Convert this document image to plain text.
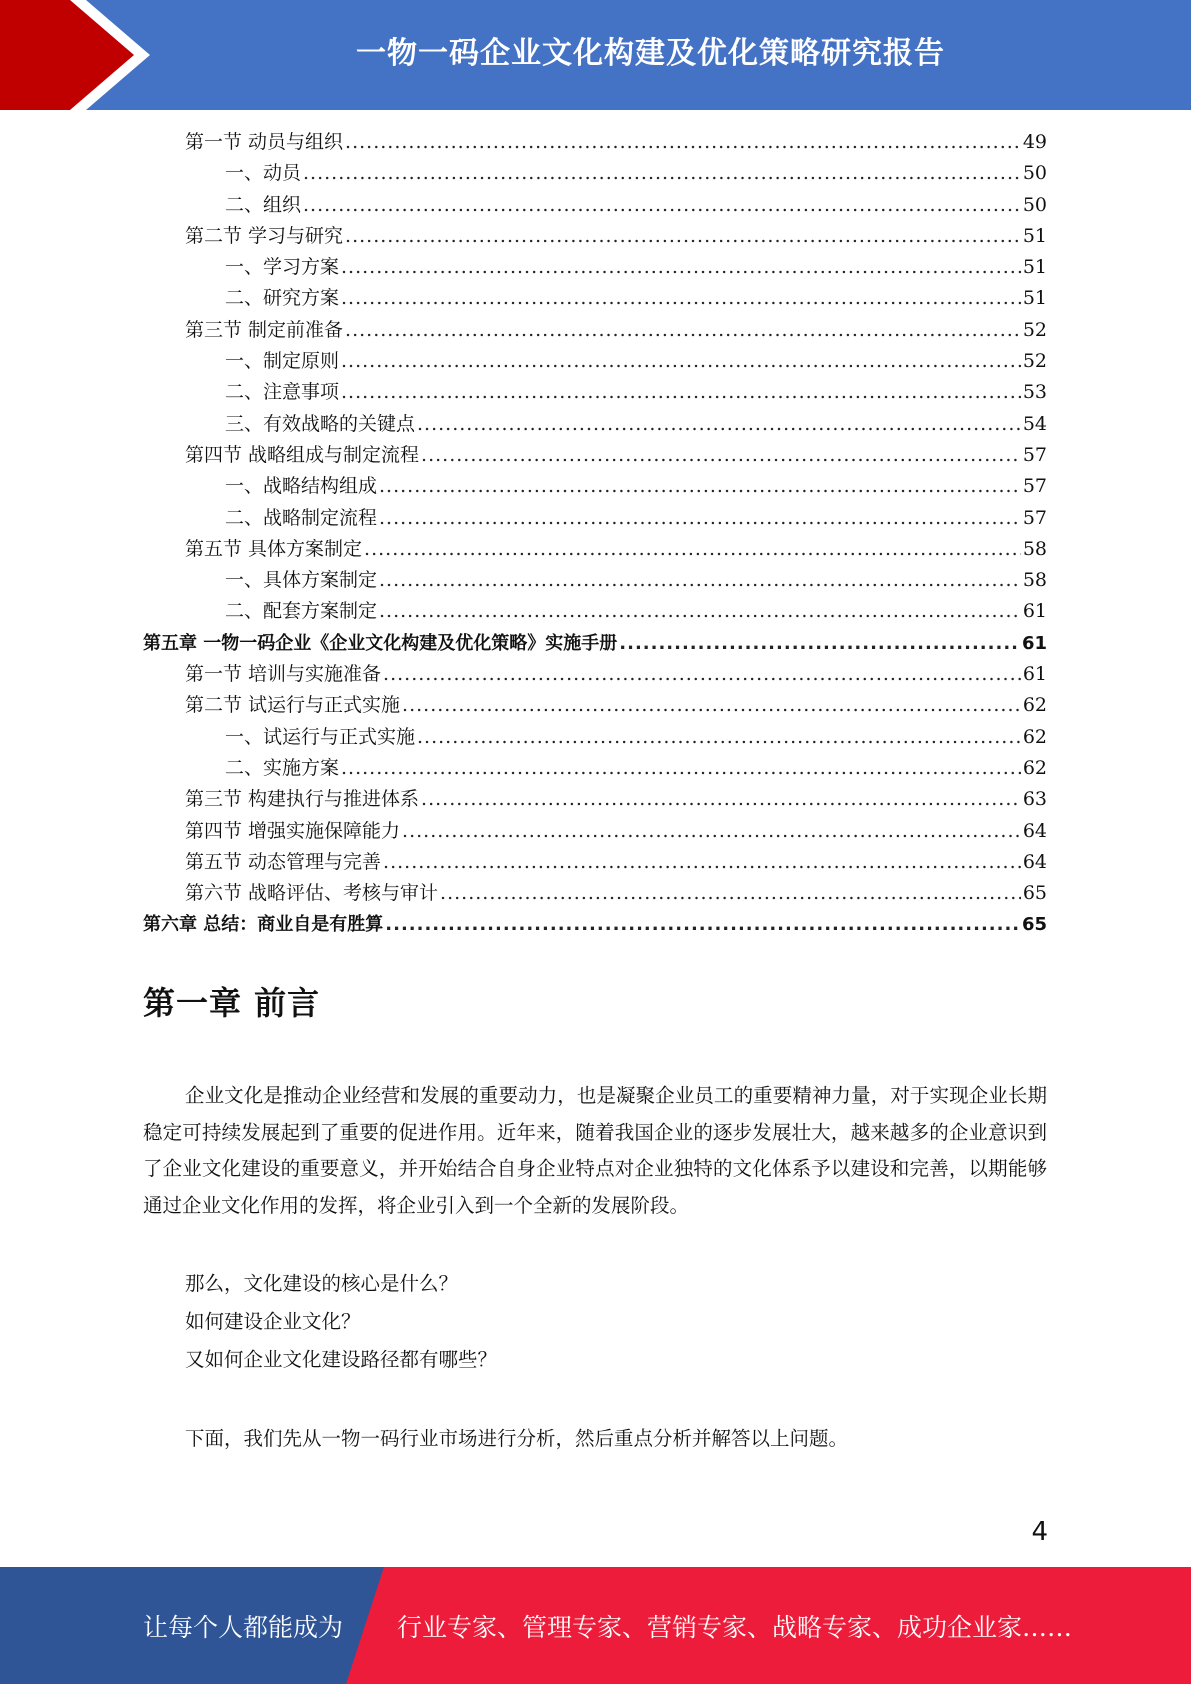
一物一码企业文化构建及优化策略研究报告
第一节 动员与组织 .....	49
一、动员 .....	50
二、组织 .....	50
第二节 学习与研究 .....	51
一、学习方案 .....	51
二、研究方案 .....	51
第三节 制定前准备 .....	52
一、制定原则 .....	52
二、注意事项 .....	53
三、有效战略的关键点 .....	54
第四节 战略组成与制定流程 .....	57
一、战略结构组成 .....	57
二、战略制定流程 .....	57
第五节 具体方案制定 .....	58
一、具体方案制定 .....	58
二、配套方案制定 .....	61
第五章 一物一码企业《企业文化构建及优化策略》实施手册 .....	61
第一节 培训与实施准备 .....	61
第二节 试运行与正式实施 .....	62
一、试运行与正式实施 .....	62
二、实施方案 .....	62
第三节 构建执行与推进体系 .....	63
第四节 增强实施保障能力 .....	64
第五节 动态管理与完善 .....	64
第六节 战略评估、考核与审计 .....	65
第六章 总结：商业自是有胜算 .....	65
第一章 前言

企业文化是推动企业经营和发展的重要动力，也是凝聚企业员工的重要精神力量，对于实现企业长期稳定可持续发展起到了重要的促进作用。近年来，随着我国企业的逐步发展壮大，越来越多的企业意识到了企业文化建设的重要意义，并开始结合自身企业特点对企业独特的文化体系予以建设和完善，以期能够通过企业文化作用的发挥，将企业引入到一个全新的发展阶段。

那么，文化建设的核心是什么？
如何建设企业文化？
又如何企业文化建设路径都有哪些？

下面，我们先从一物一码行业市场进行分析，然后重点分析并解答以上问题。

4
让每个人都能成为 行业专家、管理专家、营销专家、战略专家、成功企业家……
